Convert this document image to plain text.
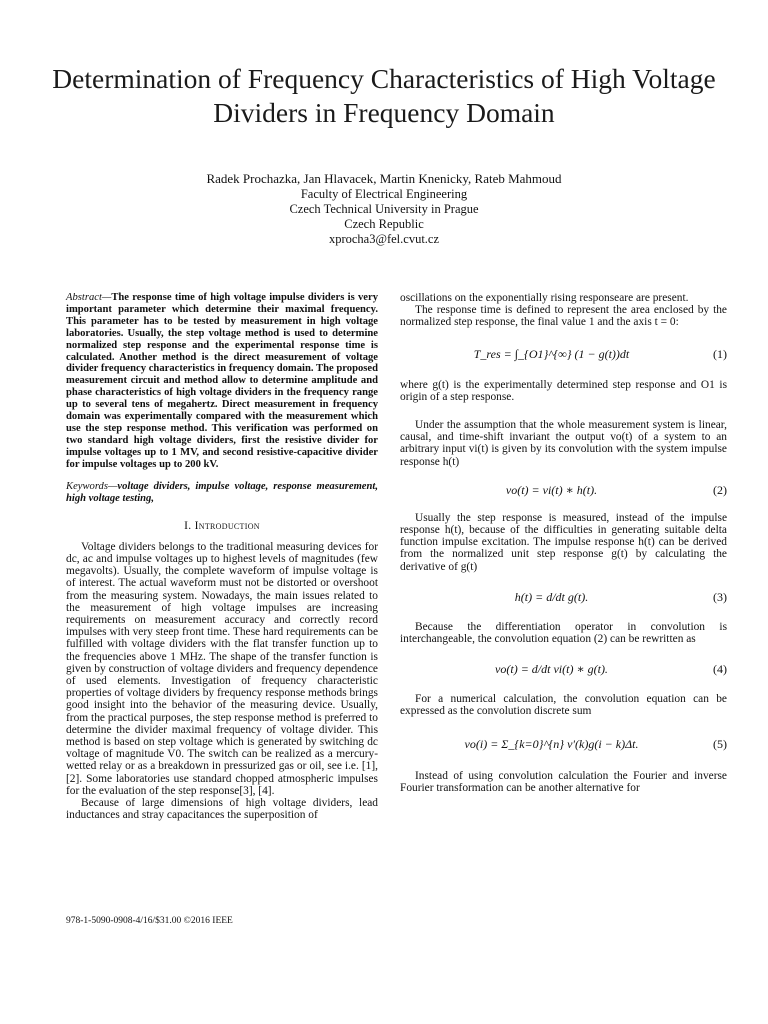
Determination of Frequency Characteristics of High Voltage Dividers in Frequency Domain
Radek Prochazka, Jan Hlavacek, Martin Knenicky, Rateb Mahmoud
Faculty of Electrical Engineering
Czech Technical University in Prague
Czech Republic
xprocha3@fel.cvut.cz
Abstract—The response time of high voltage impulse dividers is very important parameter which determine their maximal frequency. This parameter has to be tested by measurement in high voltage laboratories. Usually, the step voltage method is used to determine normalized step response and the experimental response time is calculated. Another method is the direct measurement of voltage divider frequency characteristics in frequency domain. The proposed measurement circuit and method allow to determine amplitude and phase characteristics of high voltage dividers in the frequency range up to several tens of megahertz. Direct measurement in frequency domain was experimentally compared with the measurement which use the step response method. This verification was performed on two standard high voltage dividers, first the resistive divider for impulse voltages up to 1 MV, and second resistive-capacitive divider for impulse voltages up to 200 kV.
Keywords—voltage dividers, impulse voltage, response measurement, high voltage testing,
I. Introduction

Voltage dividers belongs to the traditional measuring devices for dc, ac and impulse voltages up to highest levels of magnitudes (few megavolts). Usually, the complete waveform of impulse voltage is of interest. The actual waveform must not be distorted or overshoot from the measuring system. Nowadays, the main issues related to the measurement of high voltage impulses are increasing requirements on measurement accuracy and correctly record impulses with very steep front time. These hard requirements can be fulfilled with voltage dividers with the flat transfer function up to the frequencies above 1 MHz. The shape of the transfer function is given by construction of voltage dividers and frequency dependence of used elements. Investigation of frequency characteristic properties of voltage dividers by frequency response methods brings good insight into the behavior of the measuring device. Usually, from the practical purposes, the step response method is preferred to determine the divider maximal frequency of voltage divider. This method is based on step voltage which is generated by switching dc voltage of magnitude V0. The switch can be realized as a mercury-wetted relay or as a breakdown in pressurized gas or oil, see i.e. [1], [2]. Some laboratories use standard chopped atmospheric impulses for the evaluation of the step response[3], [4].

Because of large dimensions of high voltage dividers, lead inductances and stray capacitances the superposition of

oscillations on the exponentially rising responseare are present.

The response time is defined to represent the area enclosed by the normalized step response, the final value 1 and the axis t = 0:

T_res = ∫_{O1}^{∞} (1 − g(t))dt	(1)

where g(t) is the experimentally determined step response and O1 is origin of a step response.

Under the assumption that the whole measurement system is linear, causal, and time-shift invariant the output vo(t) of a system to an arbitrary input vi(t) is given by its convolution with the system impulse response h(t)

vo(t) = vi(t) ∗ h(t).	(2)

Usually the step response is measured, instead of the impulse response h(t), because of the difficulties in generating suitable delta function impulse excitation. The impulse response h(t) can be derived from the normalized unit step response g(t) by calculating the derivative of g(t)

h(t) = d/dt g(t).	(3)

Because the differentiation operator in convolution is interchangeable, the convolution equation (2) can be rewritten as

vo(t) = d/dt vi(t) ∗ g(t).	(4)

For a numerical calculation, the convolution equation can be expressed as the convolution discrete sum

vo(i) = Σ_{k=0}^{n} v'(k)g(i − k)Δt.	(5)

Instead of using convolution calculation the Fourier and inverse Fourier transformation can be another alternative for

978-1-5090-0908-4/16/$31.00 ©2016 IEEE
